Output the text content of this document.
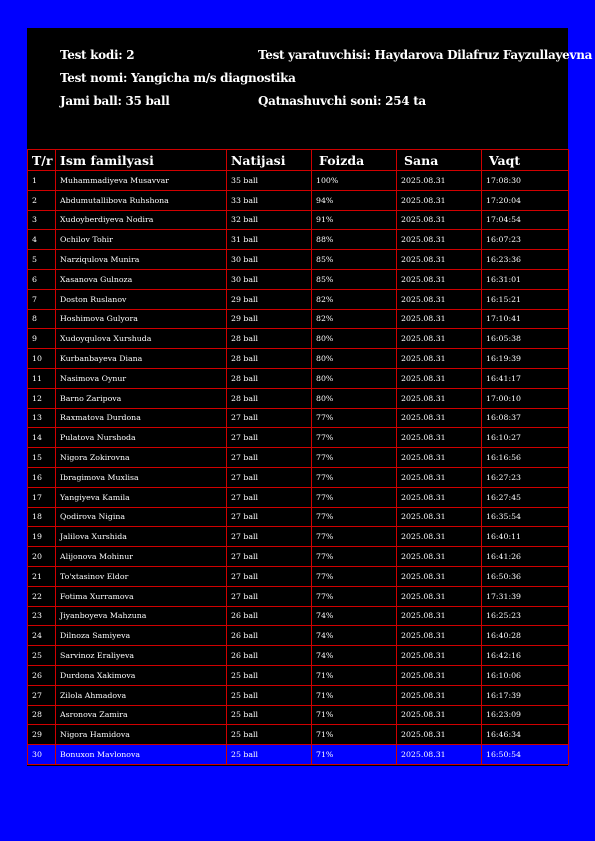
Test kodi: 2	Test yaratuvchisi: Haydarova Dilafruz Fayzullayevna
Test nomi: Yangicha m/s diagnostika
Jami ball: 35 ball	Qatnashuvchi soni: 254 ta
T/r	Ism familyasi	Natijasi	Foizda	Sana	Vaqt
1	Muhammadiyeva Musavvar	35 ball	100%	2025.08.31	17:08:30
2	Abdumutallibova Ruhshona	33 ball	94%	2025.08.31	17:20:04
3	Xudoyberdiyeva Nodira	32 ball	91%	2025.08.31	17:04:54
4	Ochilov Tohir	31 ball	88%	2025.08.31	16:07:23
5	Narziqulova Munira	30 ball	85%	2025.08.31	16:23:36
6	Xasanova Gulnoza	30 ball	85%	2025.08.31	16:31:01
7	Doston Ruslanov	29 ball	82%	2025.08.31	16:15:21
8	Hoshimova Gulyora	29 ball	82%	2025.08.31	17:10:41
9	Xudoyqulova Xurshuda	28 ball	80%	2025.08.31	16:05:38
10	Kurbanbayeva Diana	28 ball	80%	2025.08.31	16:19:39
11	Nasimova Oynur	28 ball	80%	2025.08.31	16:41:17
12	Barno Zaripova	28 ball	80%	2025.08.31	17:00:10
13	Raxmatova Durdona	27 ball	77%	2025.08.31	16:08:37
14	Pulatova Nurshoda	27 ball	77%	2025.08.31	16:10:27
15	Nigora Zokirovna	27 ball	77%	2025.08.31	16:16:56
16	Ibragimova Muxlisa	27 ball	77%	2025.08.31	16:27:23
17	Yangiyeva Kamila	27 ball	77%	2025.08.31	16:27:45
18	Qodirova Nigina	27 ball	77%	2025.08.31	16:35:54
19	Jalilova Xurshida	27 ball	77%	2025.08.31	16:40:11
20	Alijonova Mohinur	27 ball	77%	2025.08.31	16:41:26
21	To'xtasinov Eldor	27 ball	77%	2025.08.31	16:50:36
22	Fotima Xurramova	27 ball	77%	2025.08.31	17:31:39
23	Jiyanboyeva Mahzuna	26 ball	74%	2025.08.31	16:25:23
24	Dilnoza Samiyeva	26 ball	74%	2025.08.31	16:40:28
25	Sarvinoz Eraliyeva	26 ball	74%	2025.08.31	16:42:16
26	Durdona Xakimova	25 ball	71%	2025.08.31	16:10:06
27	Zilola Ahmadova	25 ball	71%	2025.08.31	16:17:39
28	Asronova Zamira	25 ball	71%	2025.08.31	16:23:09
29	Nigora Hamidova	25 ball	71%	2025.08.31	16:46:34
30	Bonuxon Mavlonova	25 ball	71%	2025.08.31	16:50:54
